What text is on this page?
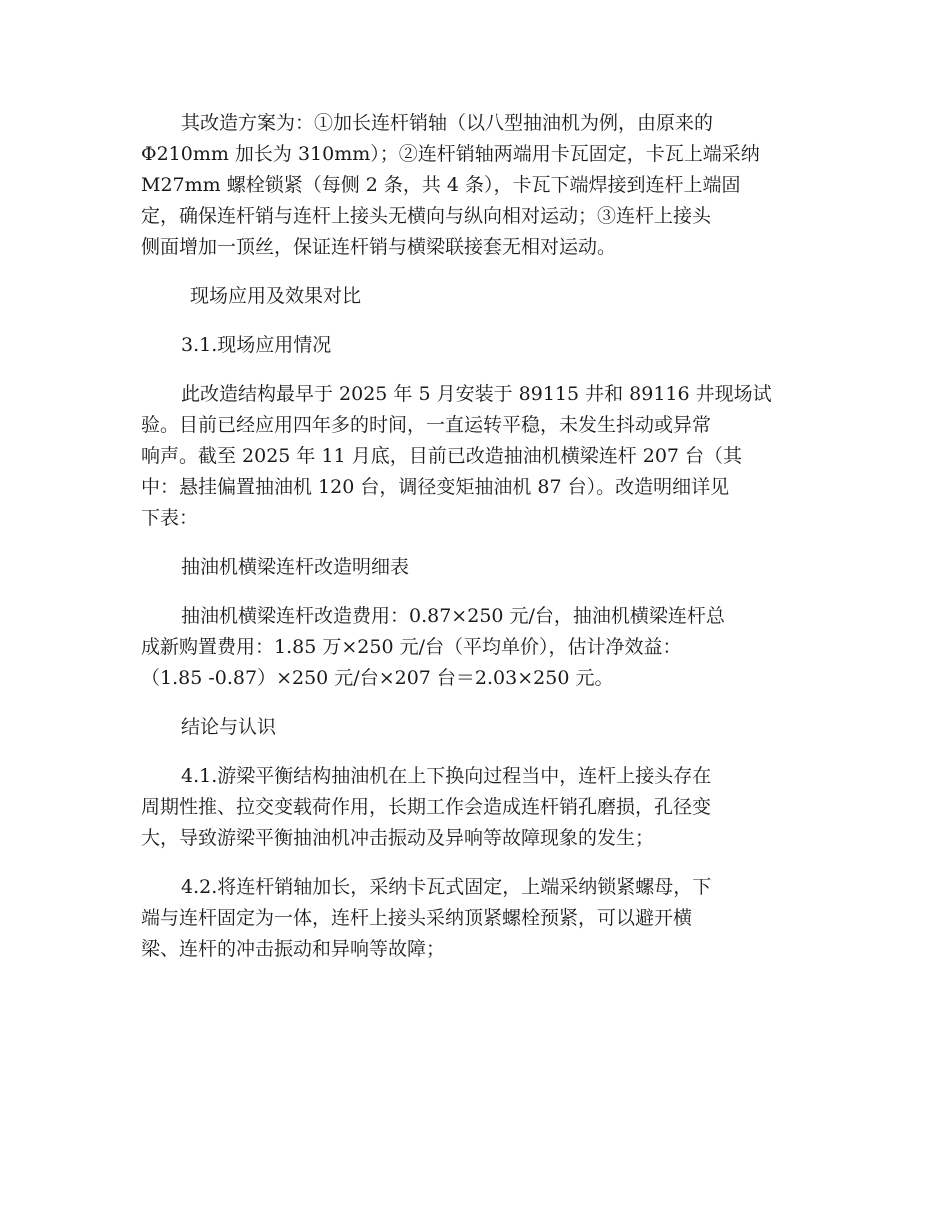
其改造方案为：①加长连杆销轴（以八型抽油机为例，由原来的
Φ210mm 加长为 310mm）；②连杆销轴两端用卡瓦固定，卡瓦上端采纳
M27mm 螺栓锁紧（每侧 2 条，共 4 条），卡瓦下端焊接到连杆上端固
定，确保连杆销与连杆上接头无横向与纵向相对运动；③连杆上接头
侧面增加一顶丝，保证连杆销与横梁联接套无相对运动。
现场应用及效果对比
3.1.现场应用情况
此改造结构最早于 2025 年 5 月安装于 89115 井和 89116 井现场试
验。目前已经应用四年多的时间，一直运转平稳，未发生抖动或异常
响声。截至 2025 年 11 月底，目前已改造抽油机横梁连杆 207 台（其
中：悬挂偏置抽油机 120 台，调径变矩抽油机 87 台）。改造明细详见
下表：
抽油机横梁连杆改造明细表
抽油机横梁连杆改造费用：0.87×250 元/台，抽油机横梁连杆总
成新购置费用：1.85 万×250 元/台（平均单价），估计净效益：
（1.85 -0.87）×250 元/台×207 台＝2.03×250 元。
结论与认识
4.1.游梁平衡结构抽油机在上下换向过程当中，连杆上接头存在
周期性推、拉交变载荷作用，长期工作会造成连杆销孔磨损，孔径变
大，导致游梁平衡抽油机冲击振动及异响等故障现象的发生；
4.2.将连杆销轴加长，采纳卡瓦式固定，上端采纳锁紧螺母，下
端与连杆固定为一体，连杆上接头采纳顶紧螺栓预紧，可以避开横
梁、连杆的冲击振动和异响等故障；
